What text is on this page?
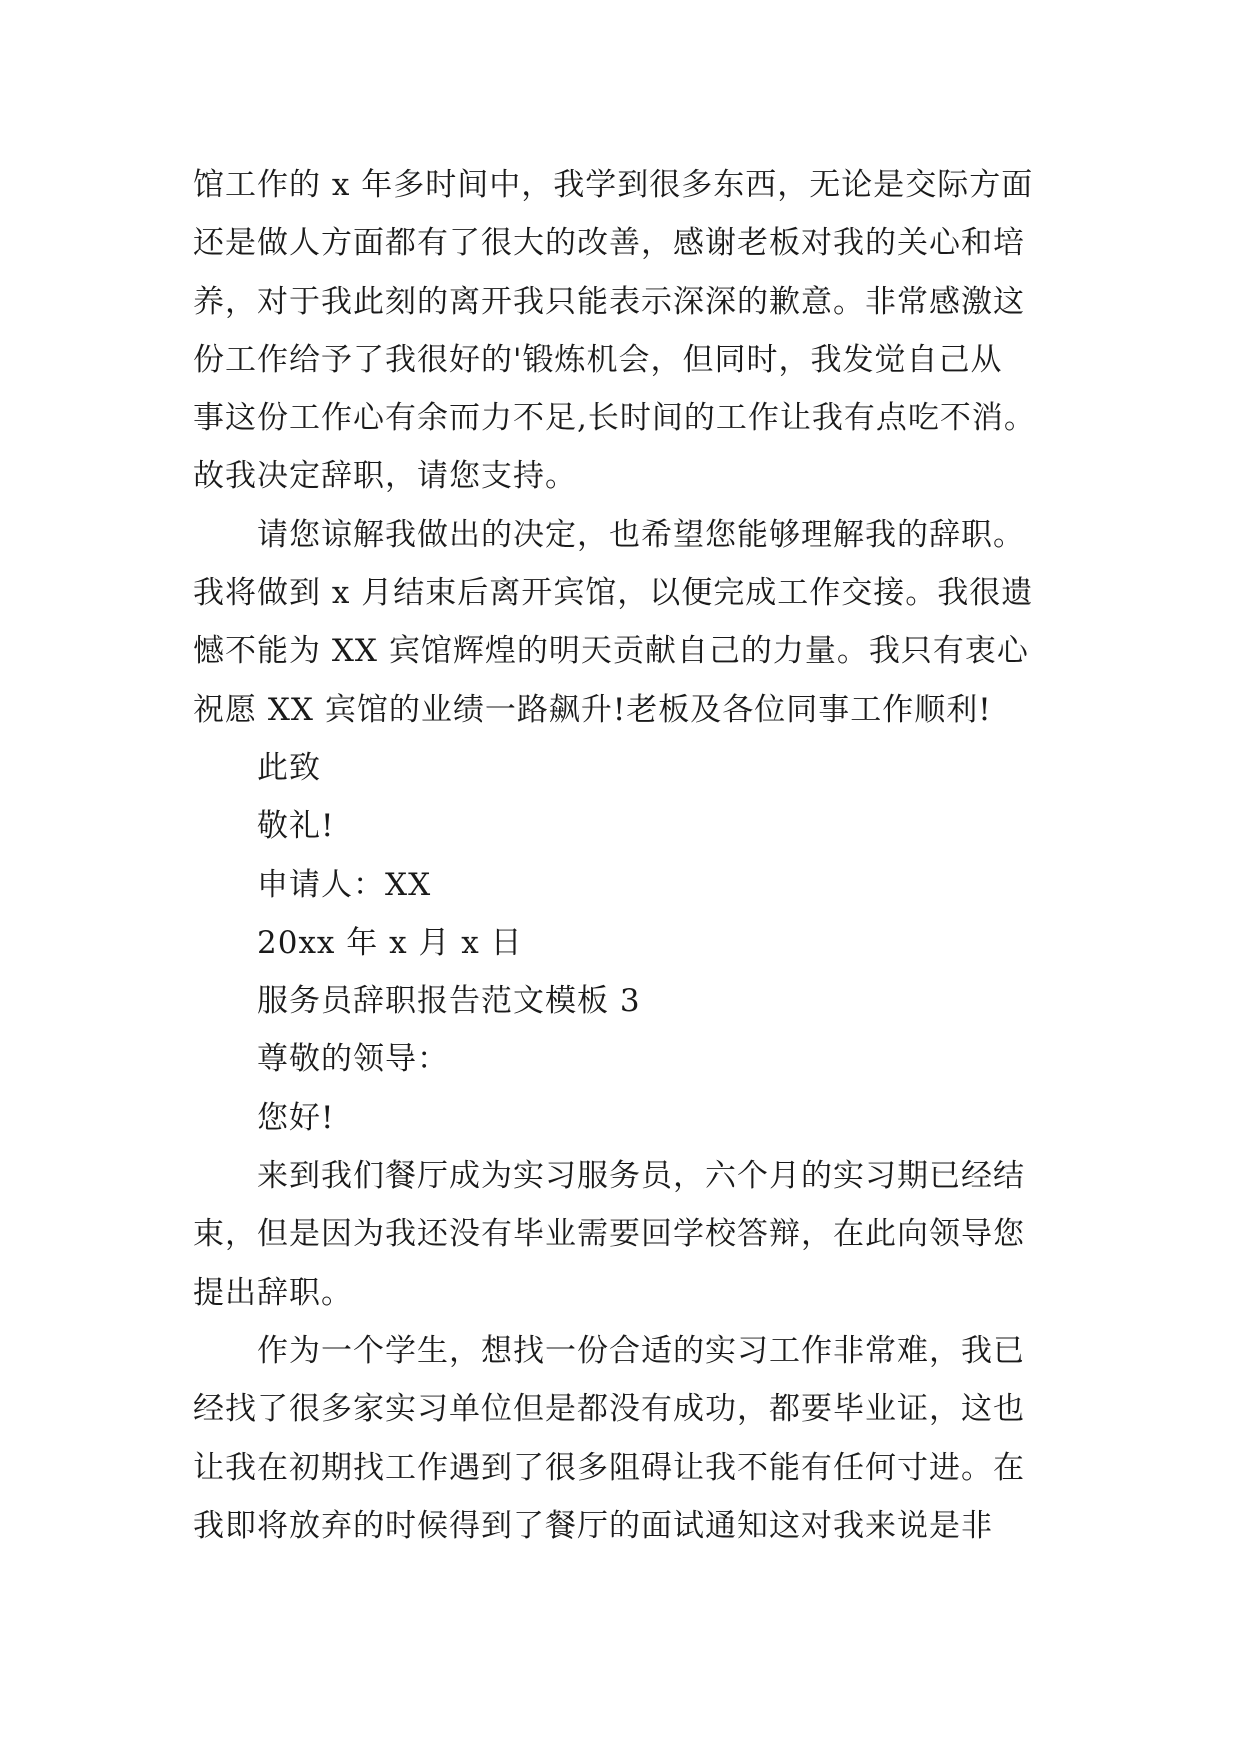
馆工作的 x 年多时间中，我学到很多东西，无论是交际方面
还是做人方面都有了很大的改善，感谢老板对我的关心和培
养，对于我此刻的离开我只能表示深深的歉意。非常感激这
份工作给予了我很好的'锻炼机会，但同时，我发觉自己从
事这份工作心有余而力不足,长时间的工作让我有点吃不消。
故我决定辞职，请您支持。
请您谅解我做出的决定，也希望您能够理解我的辞职。
我将做到 x 月结束后离开宾馆，以便完成工作交接。我很遗
憾不能为 XX 宾馆辉煌的明天贡献自己的力量。我只有衷心
祝愿 XX 宾馆的业绩一路飙升!老板及各位同事工作顺利!
此致
敬礼!
申请人：XX
20xx 年 x 月 x 日
服务员辞职报告范文模板 3
尊敬的领导：
您好!
来到我们餐厅成为实习服务员，六个月的实习期已经结
束，但是因为我还没有毕业需要回学校答辩，在此向领导您
提出辞职。
作为一个学生，想找一份合适的实习工作非常难，我已
经找了很多家实习单位但是都没有成功，都要毕业证，这也
让我在初期找工作遇到了很多阻碍让我不能有任何寸进。在
我即将放弃的时候得到了餐厅的面试通知这对我来说是非
